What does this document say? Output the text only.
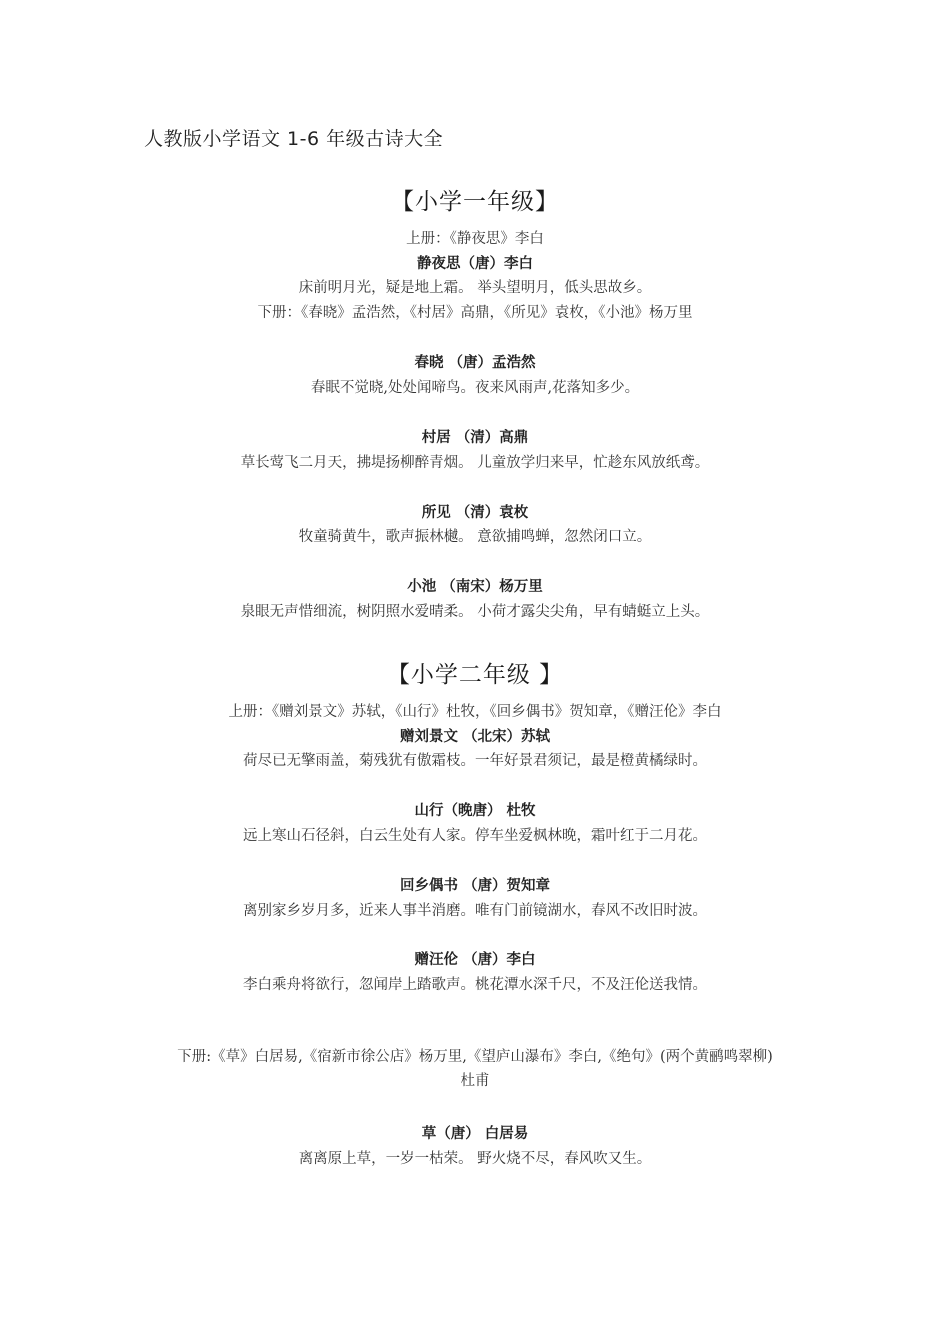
人教版小学语文 1-6 年级古诗大全
【小学一年级】
上册：《静夜思》李白
静夜思（唐）李白
床前明月光，疑是地上霜。 举头望明月，低头思故乡。
下册：《春晓》孟浩然，《村居》高鼎，《所见》袁枚，《小池》杨万里
春晓 （唐）孟浩然
春眠不觉晓,处处闻啼鸟。夜来风雨声,花落知多少。
村居 （清）高鼎
草长莺飞二月天，拂堤扬柳醉青烟。 儿童放学归来早，忙趁东风放纸鸢。
所见 （清）袁枚
牧童骑黄牛，歌声振林樾。 意欲捕鸣蝉，忽然闭口立。
小池 （南宋）杨万里
泉眼无声惜细流，树阴照水爱晴柔。 小荷才露尖尖角，早有蜻蜓立上头。
【小学二年级 】
上册：《赠刘景文》苏轼，《山行》杜牧，《回乡偶书》贺知章，《赠汪伦》李白
赠刘景文 （北宋）苏轼
荷尽已无擎雨盖，菊残犹有傲霜枝。一年好景君须记，最是橙黄橘绿时。
山行（晚唐） 杜牧
远上寒山石径斜，白云生处有人家。停车坐爱枫林晚，霜叶红于二月花。
回乡偶书 （唐）贺知章
离别家乡岁月多，近来人事半消磨。唯有门前镜湖水，春风不改旧时波。
赠汪伦 （唐）李白
李白乘舟将欲行，忽闻岸上踏歌声。桃花潭水深千尺，不及汪伦送我情。
下册:《草》白居易,《宿新市徐公店》杨万里,《望庐山瀑布》李白,《绝句》(两个黄鹂鸣翠柳)
杜甫
草（唐） 白居易
离离原上草，一岁一枯荣。 野火烧不尽，春风吹又生。
